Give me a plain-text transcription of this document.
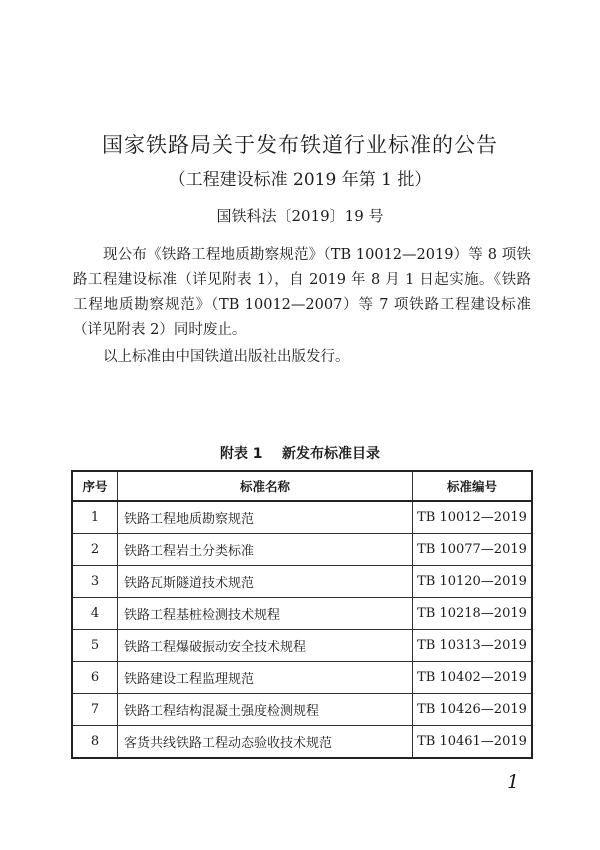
国家铁路局关于发布铁道行业标准的公告
（工程建设标准 2019 年第 1 批）
国铁科法〔2019〕19 号

现公布《铁路工程地质勘察规范》（TB 10012—2019）等 8 项铁路工程建设标准（详见附表 1），自 2019 年 8 月 1 日起实施。《铁路工程地质勘察规范》（TB 10012—2007）等 7 项铁路工程建设标准（详见附表 2）同时废止。

以上标准由中国铁道出版社出版发行。

附表 1    新发布标准目录
序号	标准名称	标准编号
1	铁路工程地质勘察规范	TB 10012—2019
2	铁路工程岩土分类标准	TB 10077—2019
3	铁路瓦斯隧道技术规范	TB 10120—2019
4	铁路工程基桩检测技术规程	TB 10218—2019
5	铁路工程爆破振动安全技术规程	TB 10313—2019
6	铁路建设工程监理规范	TB 10402—2019
7	铁路工程结构混凝土强度检测规程	TB 10426—2019
8	客货共线铁路工程动态验收技术规范	TB 10461—2019
1
